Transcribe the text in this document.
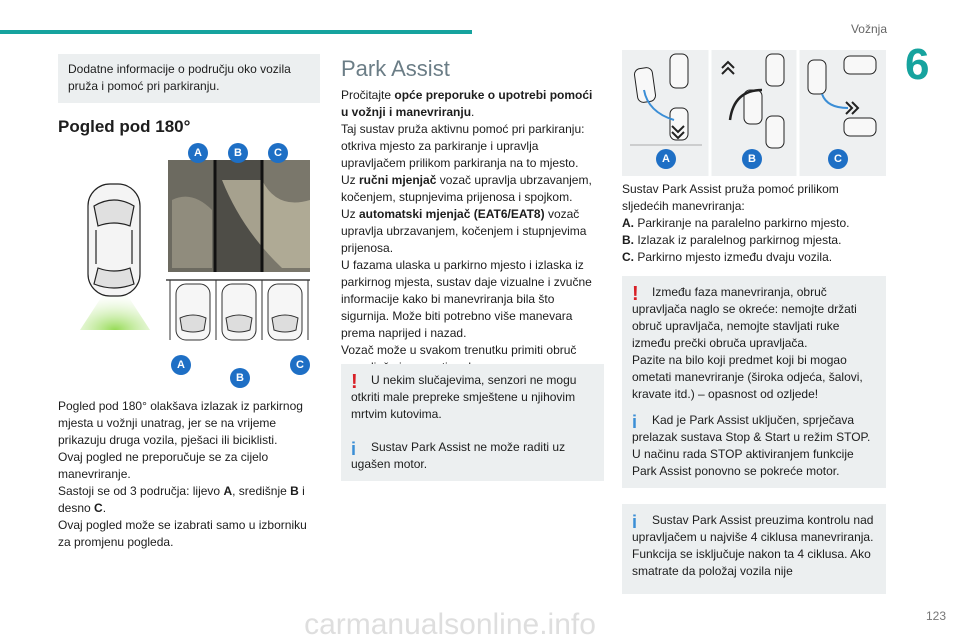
Vožnja
6
Dodatne informacije o području oko vozila pruža i pomoć pri parkiranju.
Pogled pod 180°
A	B	C
A
B
C

Pogled pod 180° olakšava izlazak iz parkirnog mjesta u vožnji unatrag, jer se na vrijeme prikazuju druga vozila, pješaci ili biciklisti.

Ovaj pogled ne preporučuje se za cijelo manevriranje.

Sastoji se od 3 područja: lijevo A, središnje B i desno C.

Ovaj pogled može se izabrati samo u izborniku za promjenu pogleda.

Park Assist

Pročitajte opće preporuke o upotrebi pomoći u vožnji i manevriranju.

Taj sustav pruža aktivnu pomoć pri parkiranju: otkriva mjesto za parkiranje i upravlja upravljačem prilikom parkiranja na to mjesto.

Uz ručni mjenjač vozač upravlja ubrzavanjem, kočenjem, stupnjevima prijenosa i spojkom.

Uz automatski mjenjač (EAT6/EAT8) vozač upravlja ubrzavanjem, kočenjem i stupnjevima prijenosa.

U fazama ulaska u parkirno mjesto i izlaska iz parkirnog mjesta, sustav daje vizualne i zvučne informacije kako bi manevriranja bila što sigurnija. Može biti potrebno više manevara prema naprijed i nazad.

Vozač može u svakom trenutku primiti obruč

! U nekim slučajevima, senzori ne mogu otkriti male prepreke smještene u njihovim mrtvim kutovima.
i Sustav Park Assist ne može raditi uz ugašen motor.
A	B	C

Sustav Park Assist pruža pomoć prilikom sljedećih manevriranja:

A. Parkiranje na paralelno parkirno mjesto.

B. Izlazak iz paralelnog parkirnog mjesta.

C. Parkirno mjesto između dvaju vozila.

! Između faza manevriranja, obruč upravljača naglo se okreće: nemojte držati obruč upravljača, nemojte stavljati ruke između prečki obruča upravljača.
Pazite na bilo koji predmet koji bi mogao ometati manevriranje (široka odjeća, šalovi, kravate itd.) – opasnost od ozljede!
i Kad je Park Assist uključen, sprječava prelazak sustava Stop & Start u režim STOP. U načinu rada STOP aktiviranjem funkcije Park Assist ponovno se pokreće motor.
i Sustav Park Assist preuzima kontrolu nad upravljačem u najviše 4 ciklusa manevriranja. Funkcija se isključuje nakon ta 4 ciklusa. Ako smatrate da položaj vozila nije
carmanualsonline.info	123
